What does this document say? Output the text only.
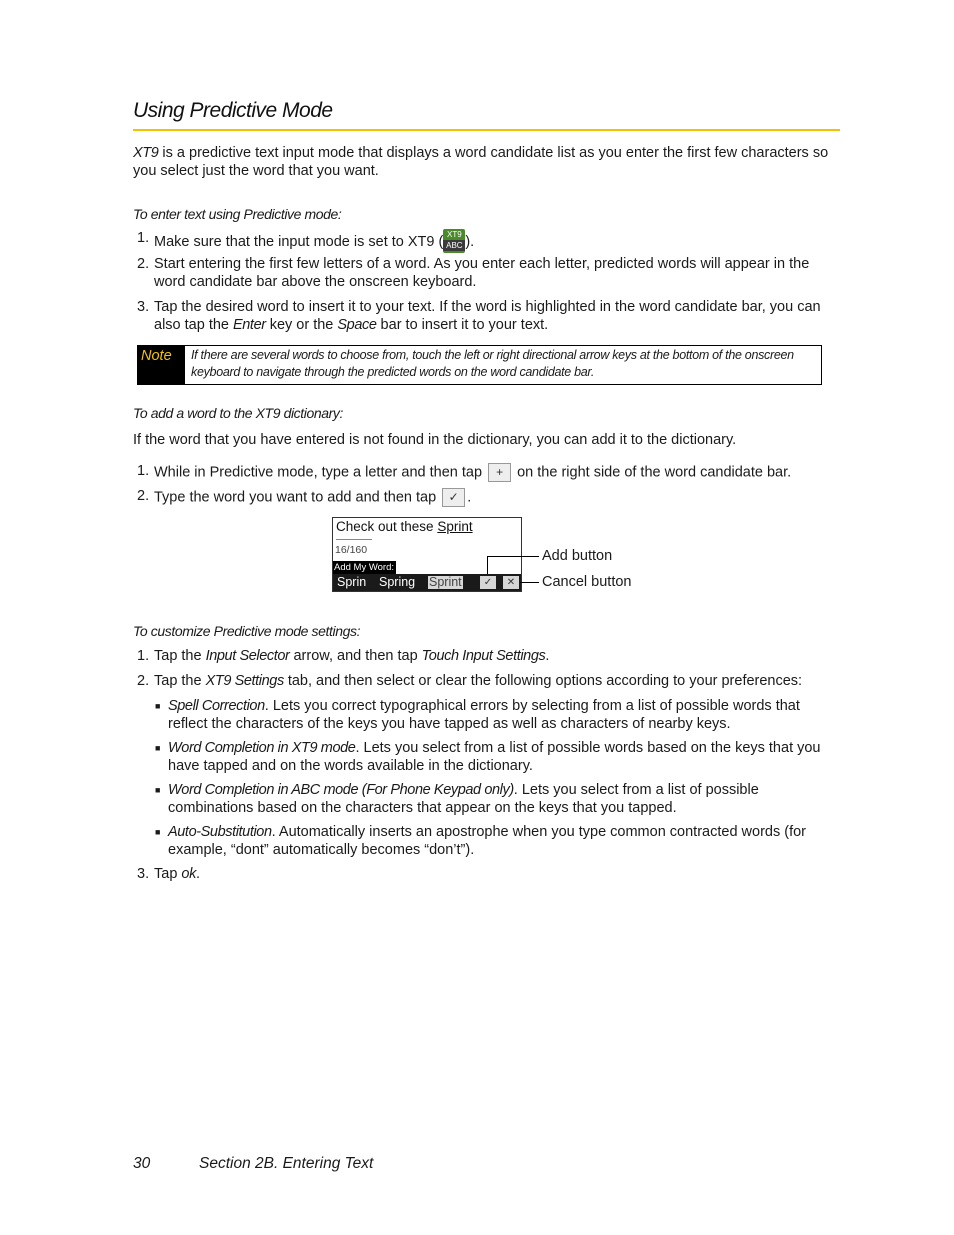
Using Predictive Mode

XT9 is a predictive text input mode that displays a word candidate list as you enter the first few characters so you select just the word that you want.

To enter text using Predictive mode:
1. Make sure that the input mode is set to XT9 ( XT9
ABC ).
2. Start entering the first few letters of a word. As you enter each letter, predicted words will appear in the word candidate bar above the onscreen keyboard.
3. Tap the desired word to insert it to your text. If the word is highlighted in the word candidate bar, you can also tap the Enter key or the Space bar to insert it to your text.
Note	If there are several words to choose from, touch the left or right directional arrow keys at the bottom of the onscreen keyboard to navigate through the predicted words on the word candidate bar.
To add a word to the XT9 dictionary:

If the word that you have entered is not found in the dictionary, you can add it to the dictionary.

1. While in Predictive mode, type a letter and then tap + on the right side of the word candidate bar.
2. Type the word you want to add and then tap ✓ .
Check out these Sprint
16/160
Add My Word:
Sprin Spring Sprint	✓	✕
Add button
Cancel button
To customize Predictive mode settings:
1. Tap the Input Selector arrow, and then tap Touch Input Settings.
2. Tap the XT9 Settings tab, and then select or clear the following options according to your preferences:
■ Spell Correction. Lets you correct typographical errors by selecting from a list of possible words that reflect the characters of the keys you have tapped as well as characters of nearby keys.
■ Word Completion in XT9 mode. Lets you select from a list of possible words based on the keys that you have tapped and on the words available in the dictionary.
■ Word Completion in ABC mode (For Phone Keypad only). Lets you select from a list of possible combinations based on the characters that appear on the keys that you tapped.
■ Auto-Substitution. Automatically inserts an apostrophe when you type common contracted words (for example, “dont” automatically becomes “don’t”).
3. Tap ok.
30	Section 2B. Entering Text
